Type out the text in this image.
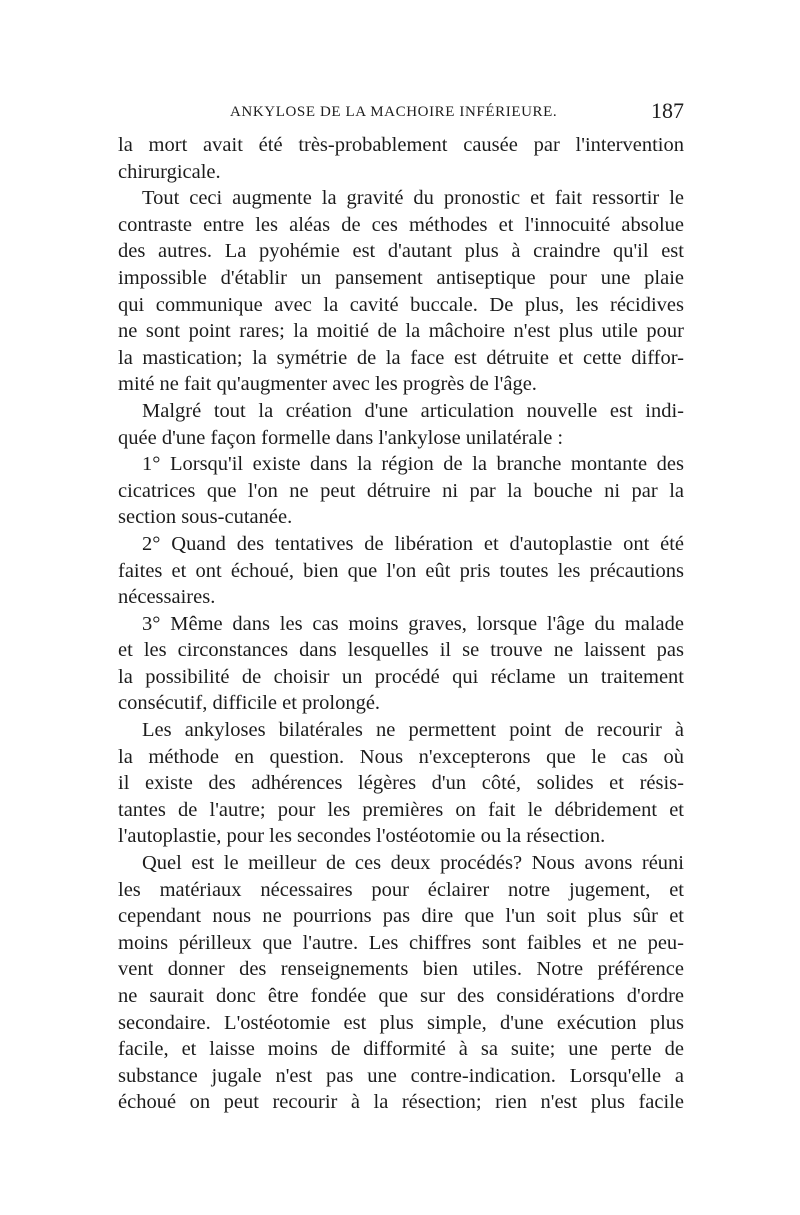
ANKYLOSE DE LA MACHOIRE INFÉRIEURE.	187
la mort avait été très-probablement causée par l'intervention
chirurgicale.
Tout ceci augmente la gravité du pronostic et fait ressortir le
contraste entre les aléas de ces méthodes et l'innocuité absolue
des autres. La pyohémie est d'autant plus à craindre qu'il est
impossible d'établir un pansement antiseptique pour une plaie
qui communique avec la cavité buccale. De plus, les récidives
ne sont point rares; la moitié de la mâchoire n'est plus utile pour
la mastication; la symétrie de la face est détruite et cette diffor-
mité ne fait qu'augmenter avec les progrès de l'âge.
Malgré tout la création d'une articulation nouvelle est indi-
quée d'une façon formelle dans l'ankylose unilatérale :
1° Lorsqu'il existe dans la région de la branche montante des
cicatrices que l'on ne peut détruire ni par la bouche ni par la
section sous-cutanée.
2° Quand des tentatives de libération et d'autoplastie ont été
faites et ont échoué, bien que l'on eût pris toutes les précautions
nécessaires.
3° Même dans les cas moins graves, lorsque l'âge du malade
et les circonstances dans lesquelles il se trouve ne laissent pas
la possibilité de choisir un procédé qui réclame un traitement
consécutif, difficile et prolongé.
Les ankyloses bilatérales ne permettent point de recourir à
la méthode en question. Nous n'excepterons que le cas où
il existe des adhérences légères d'un côté, solides et résis-
tantes de l'autre; pour les premières on fait le débridement et
l'autoplastie, pour les secondes l'ostéotomie ou la résection.
Quel est le meilleur de ces deux procédés? Nous avons réuni
les matériaux nécessaires pour éclairer notre jugement, et
cependant nous ne pourrions pas dire que l'un soit plus sûr et
moins périlleux que l'autre. Les chiffres sont faibles et ne peu-
vent donner des renseignements bien utiles. Notre préférence
ne saurait donc être fondée que sur des considérations d'ordre
secondaire. L'ostéotomie est plus simple, d'une exécution plus
facile, et laisse moins de difformité à sa suite; une perte de
substance jugale n'est pas une contre-indication. Lorsqu'elle a
échoué on peut recourir à la résection; rien n'est plus facile
